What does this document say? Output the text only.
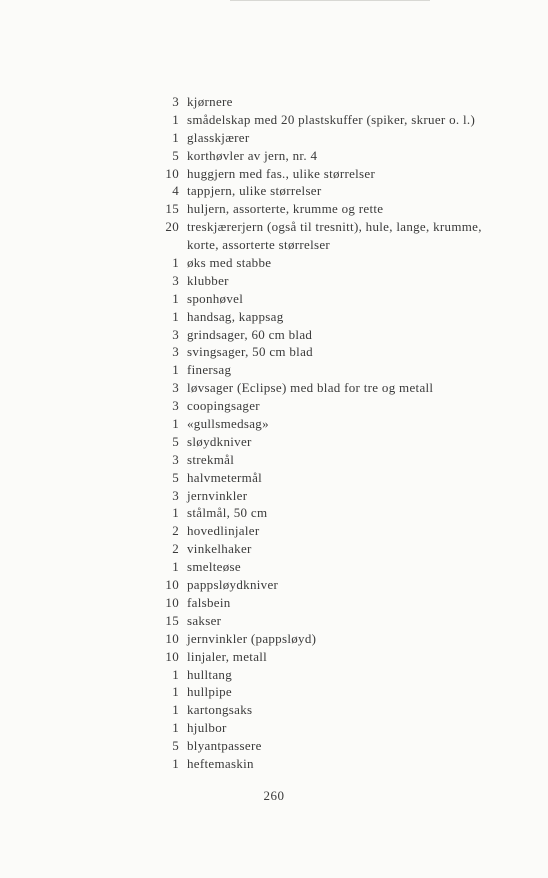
3 kjørnere
1 smådelskap med 20 plastskuffer (spiker, skruer o. l.)
1 glasskjærer
5 korthøvler av jern, nr. 4
10 huggjern med fas., ulike størrelser
4 tappjern, ulike størrelser
15 huljern, assorterte, krumme og rette
20 treskjærerjern (også til tresnitt), hule, lange, krumme,
korte, assorterte størrelser
1 øks med stabbe
3 klubber
1 sponhøvel
1 handsag, kappsag
3 grindsager, 60 cm blad
3 svingsager, 50 cm blad
1 finersag
3 løvsager (Eclipse) med blad for tre og metall
3 coopingsager
1 «gullsmedsag»
5 sløydkniver
3 strekmål
5 halvmetermål
3 jernvinkler
1 stålmål, 50 cm
2 hovedlinjaler
2 vinkelhaker
1 smelteøse
10 pappsløydkniver
10 falsbein
15 sakser
10 jernvinkler (pappsløyd)
10 linjaler, metall
1 hulltang
1 hullpipe
1 kartongsaks
1 hjulbor
5 blyantpassere
1 heftemaskin
260
